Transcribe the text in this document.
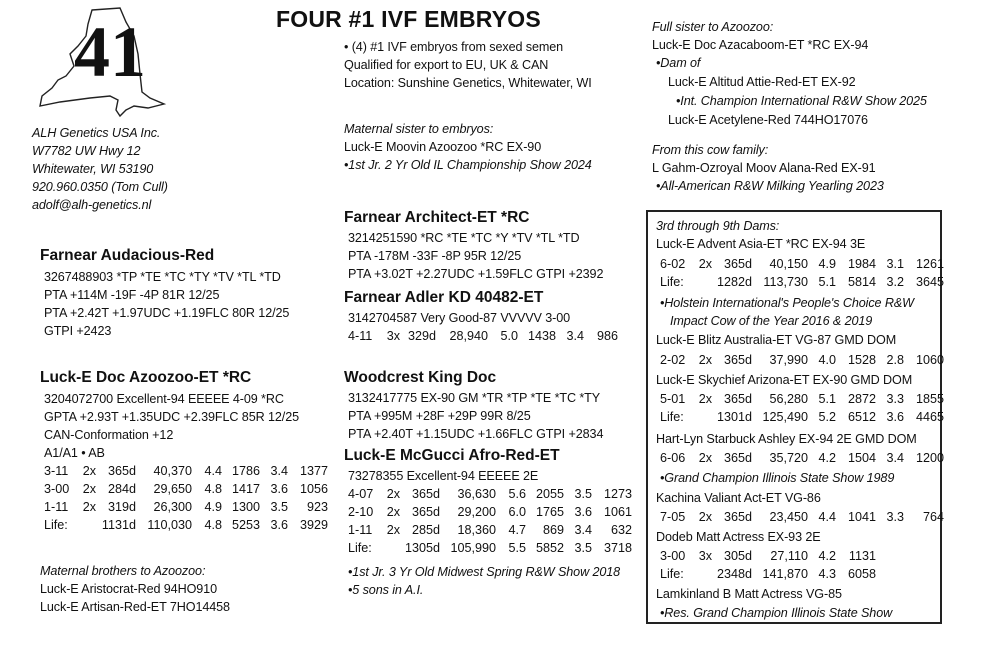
41	FOUR #1 IVF EMBRYOS
• (4) #1 IVF embryos from sexed semen
Qualified for export to EU, UK & CAN
Location: Sunshine Genetics, Whitewater, WI
ALH Genetics USA Inc.
W7782 UW Hwy 12
Whitewater, WI 53190
920.960.0350 (Tom Cull)
adolf@alh-genetics.nl
Maternal sister to embryos:
Luck-E Moovin Azoozoo *RC EX-90
•1st Jr. 2 Yr Old IL Championship Show 2024
Farnear Audacious-Red
3267488903 *TP *TE *TC *TY *TV *TL *TD
PTA +114M -19F -4P 81R 12/25
PTA +2.42T +1.97UDC +1.19FLC 80R 12/25
GTPI +2423
Luck-E Doc Azoozoo-ET *RC
3204072700 Excellent-94 EEEEE 4-09 *RC
GPTA +2.93T +1.35UDC +2.39FLC 85R 12/25
CAN-Conformation +12
A1/A1 • AB
3-11	2x 365d	40,370 4.4 1786 3.4 1377
3-00	2x 284d	29,650 4.8 1417 3.6 1056
1-11	2x 319d	26,300 4.9 1300 3.5	923
Life:	1131d 110,030 4.8 5253 3.6 3929
Maternal brothers to Azoozoo:
Luck-E Aristocrat-Red 94HO910
Luck-E Artisan-Red-ET 7HO14458
Farnear Architect-ET *RC
3214251590 *RC *TE *TC *Y *TV *TL *TD
PTA -178M -33F -8P 95R 12/25
PTA +3.02T +2.27UDC +1.59FLC GTPI +2392
Farnear Adler KD 40482-ET
3142704587 Very Good-87 VVVVV 3-00
4-11	3x 329d	28,940 5.0 1438 3.4	986
Woodcrest King Doc
3132417775 EX-90 GM *TR *TP *TE *TC *TY
PTA +995M +28F +29P 99R 8/25
PTA +2.40T +1.15UDC +1.66FLC GTPI +2834
Luck-E McGucci Afro-Red-ET
73278355 Excellent-94 EEEEE 2E
4-07	2x 365d	36,630 5.6 2055 3.5 1273
2-10	2x 365d	29,200 6.0 1765 3.6 1061
1-11	2x 285d	18,360 4.7	869 3.4	632
Life:	1305d 105,990 5.5 5852 3.5 3718
•1st Jr. 3 Yr Old Midwest Spring R&W Show 2018
•5 sons in A.I.
Full sister to Azoozoo:
Luck-E Doc Azacaboom-ET *RC EX-94
•Dam of
Luck-E Altitud Attie-Red-ET EX-92
•Int. Champion International R&W Show 2025
Luck-E Acetylene-Red 744HO17076
From this cow family:
L Gahm-Ozroyal Moov Alana-Red EX-91
•All-American R&W Milking Yearling 2023
3rd through 9th Dams:
Luck-E Advent Asia-ET *RC EX-94 3E
6-02	2x 365d	40,150 4.9 1984 3.1 1261
Life:	1282d 113,730 5.1 5814 3.2 3645
•Holstein International's People's Choice R&W
Impact Cow of the Year 2016 & 2019
Luck-E Blitz Australia-ET VG-87 GMD DOM
2-02	2x 365d	37,990 4.0 1528 2.8 1060
Luck-E Skychief Arizona-ET EX-90 GMD DOM
5-01	2x 365d	56,280 5.1 2872 3.3 1855
Life:	1301d 125,490 5.2 6512 3.6 4465
Hart-Lyn Starbuck Ashley EX-94 2E GMD DOM
6-06	2x 365d	35,720 4.2 1504 3.4 1200
•Grand Champion Illinois State Show 1989
Kachina Valiant Act-ET VG-86
7-05	2x 365d	23,450 4.4 1041 3.3	764
Dodeb Matt Actress EX-93 2E
3-00	3x 305d	27,110 4.2	1131
Life:	2348d 141,870 4.3 6058
Lamkinland B Matt Actress VG-85
•Res. Grand Champion Illinois State Show
